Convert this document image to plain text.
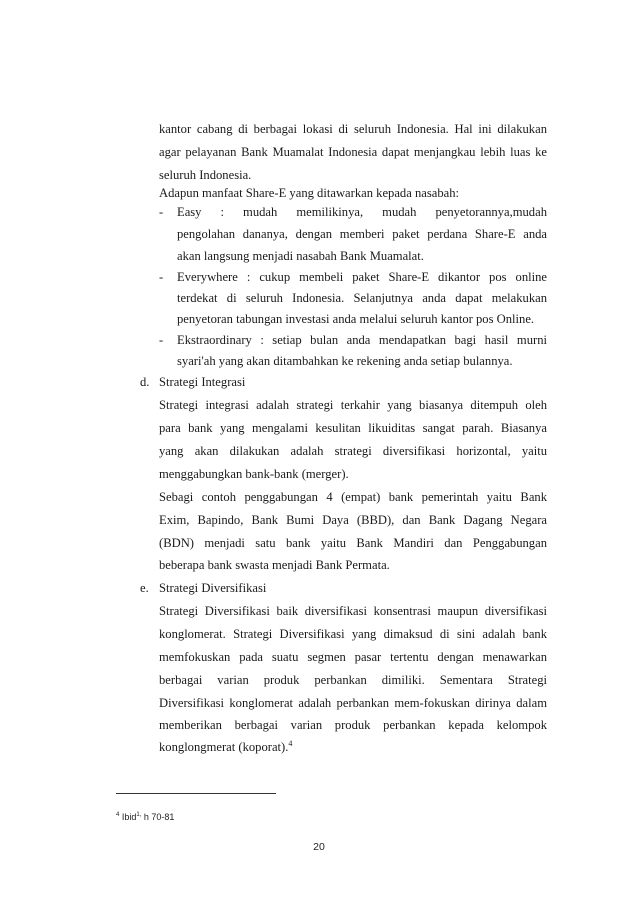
kantor cabang di berbagai lokasi di seluruh Indonesia. Hal ini dilakukan
agar pelayanan Bank Muamalat Indonesia dapat menjangkau lebih luas ke
seluruh Indonesia.
Adapun manfaat Share-E yang ditawarkan kepada nasabah:
- Easy : mudah memilikinya, mudah penyetorannya,mudah
pengolahan dananya, dengan memberi paket perdana Share-E anda
akan langsung menjadi nasabah Bank Muamalat.
- Everywhere : cukup membeli paket Share-E dikantor pos online
terdekat di seluruh Indonesia. Selanjutnya anda dapat melakukan
penyetoran tabungan investasi anda melalui seluruh kantor pos Online.
- Ekstraordinary : setiap bulan anda mendapatkan bagi hasil murni
syari'ah yang akan ditambahkan ke rekening anda setiap bulannya.
d. Strategi Integrasi
Strategi integrasi adalah strategi terkahir yang biasanya ditempuh oleh
para bank yang mengalami kesulitan likuiditas sangat parah. Biasanya
yang akan dilakukan adalah strategi diversifikasi horizontal, yaitu
menggabungkan bank-bank (merger).
Sebagi contoh penggabungan 4 (empat) bank pemerintah yaitu Bank
Exim, Bapindo, Bank Bumi Daya (BBD), dan Bank Dagang Negara
(BDN) menjadi satu bank yaitu Bank Mandiri dan Penggabungan
beberapa bank swasta menjadi Bank Permata.
e. Strategi Diversifikasi
Strategi Diversifikasi baik diversifikasi konsentrasi maupun diversifikasi
konglomerat. Strategi Diversifikasi yang dimaksud di sini adalah bank
memfokuskan pada suatu segmen pasar tertentu dengan menawarkan
berbagai varian produk perbankan dimiliki. Sementara Strategi
Diversifikasi konglomerat adalah perbankan mem-fokuskan dirinya dalam
memberikan berbagai varian produk perbankan kepada kelompok
konglongmerat (koporat).$^4$
$^4$ Ibid$^{1,}$ h 70-81
20
